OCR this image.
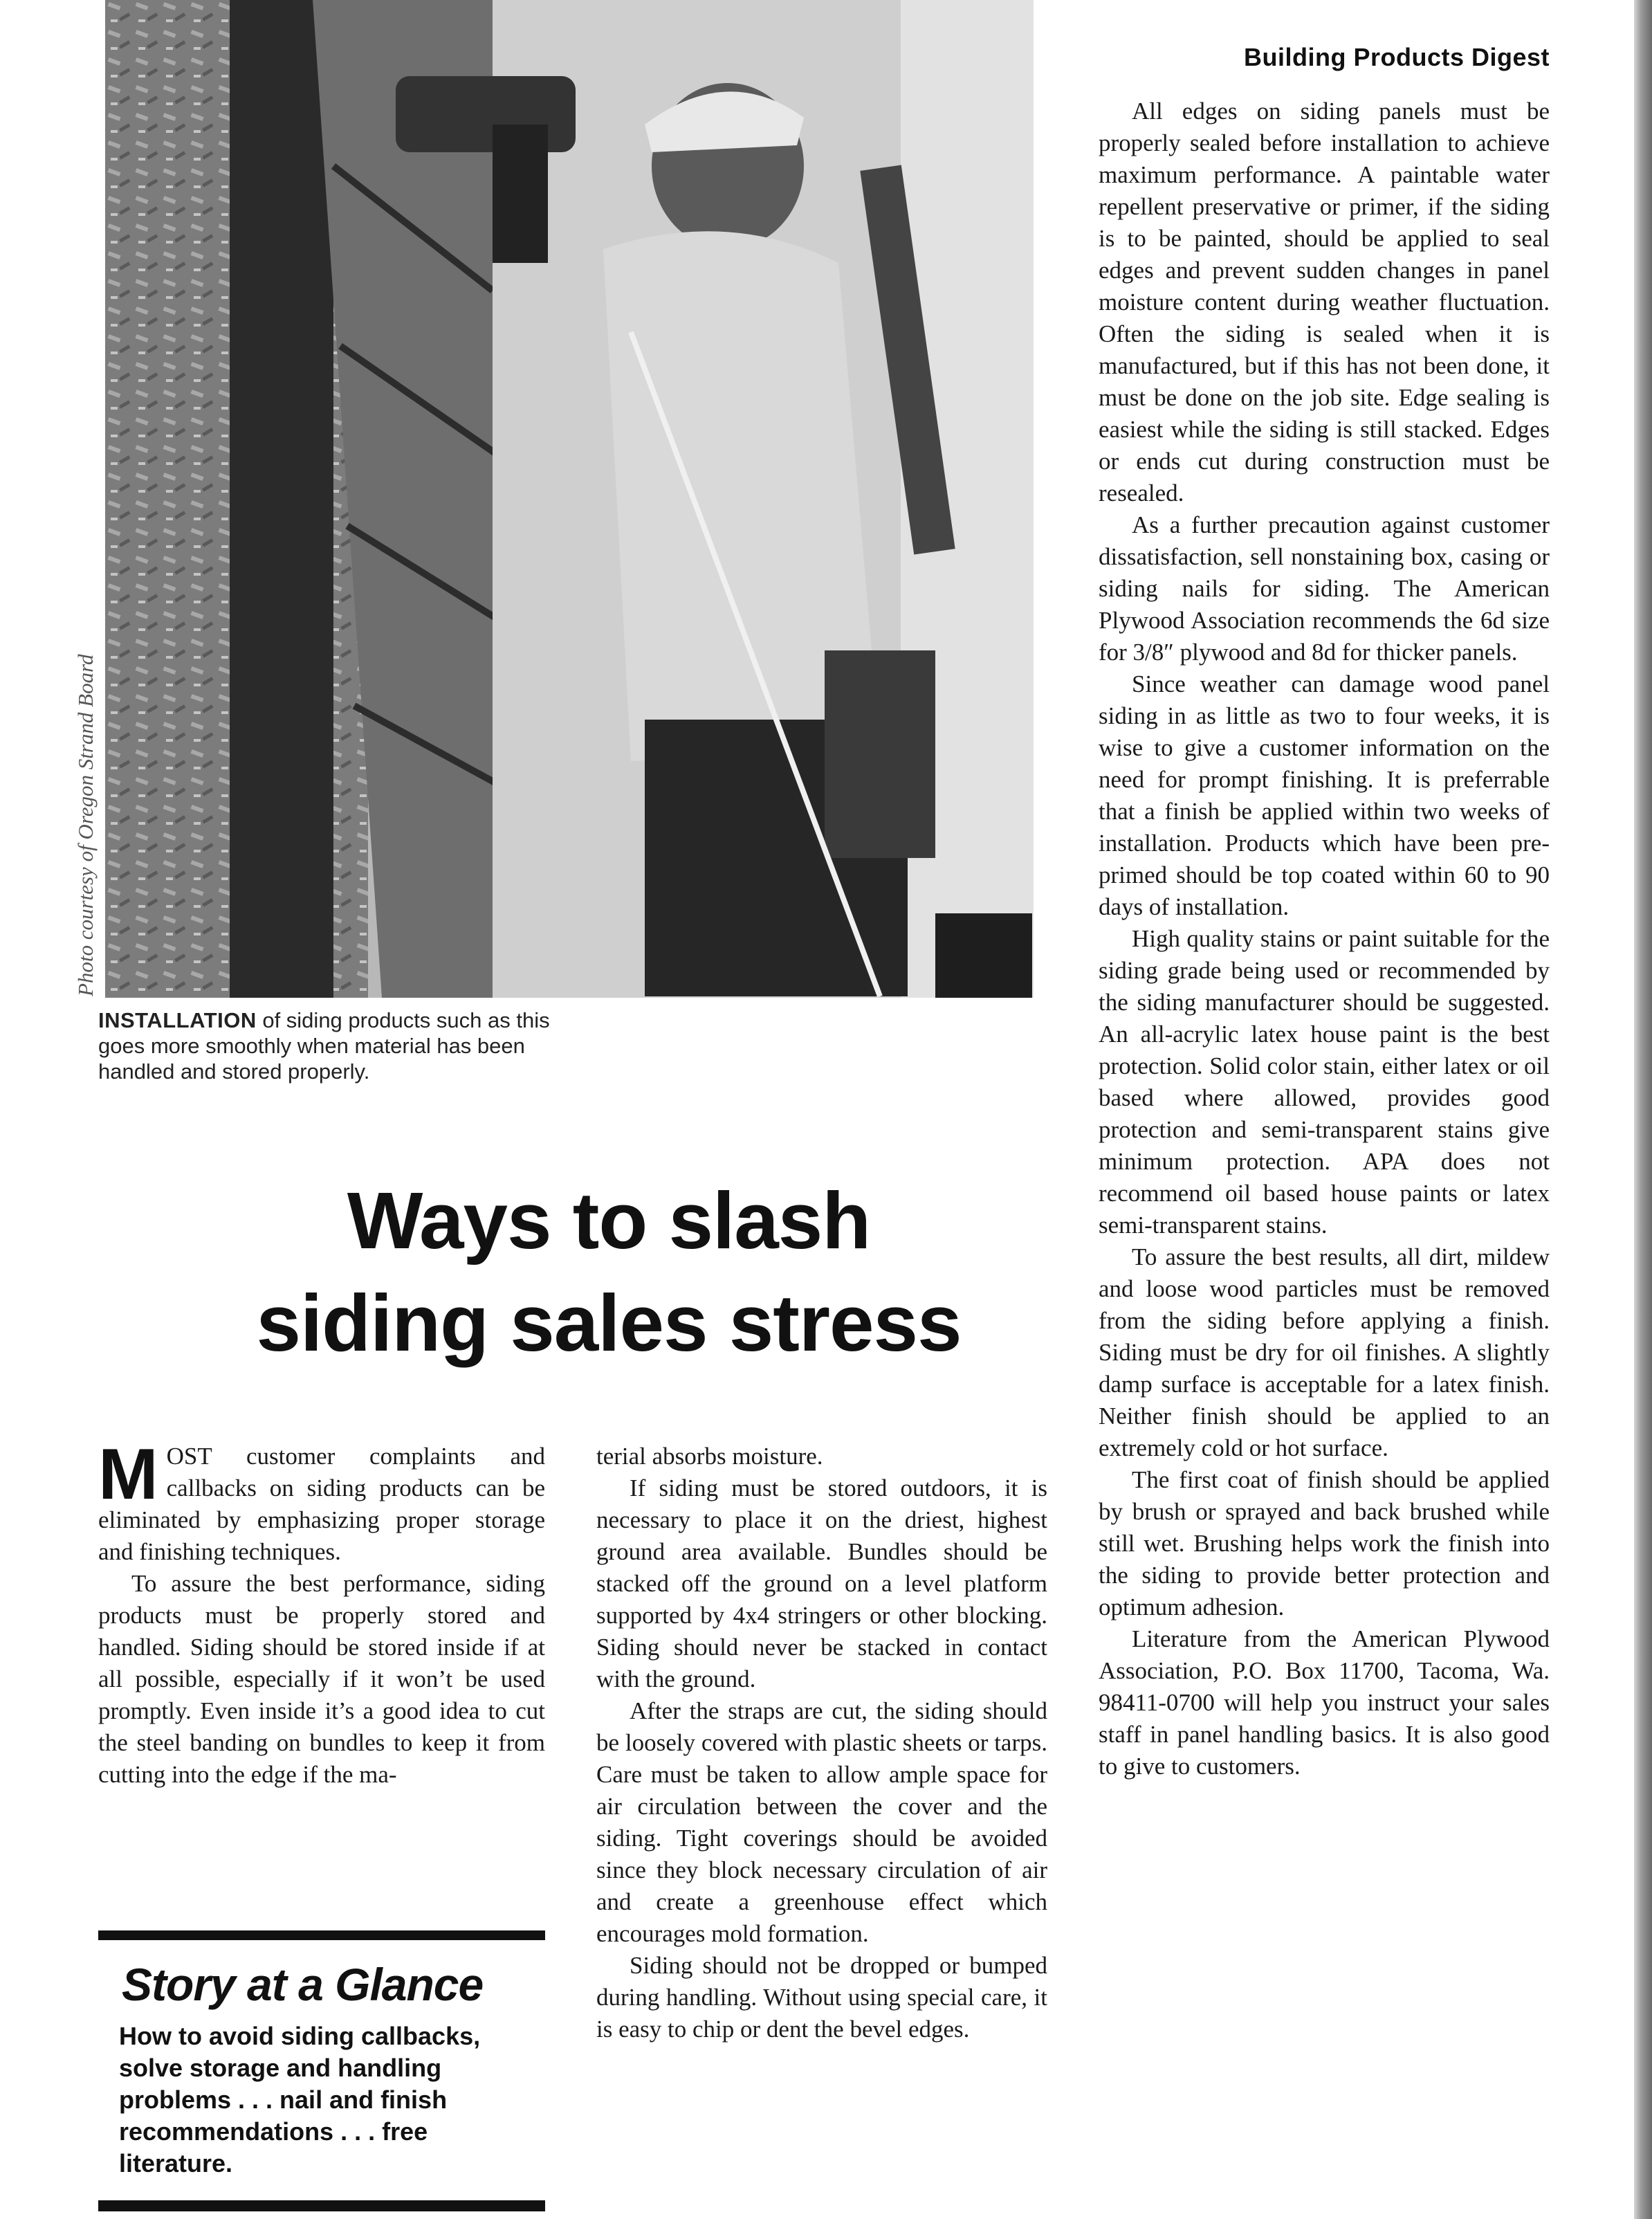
Building Products Digest
Photo courtesy of Oregon Strand Board
INSTALLATION of siding products such as this goes more smoothly when material has been handled and stored properly.
Ways to slash
siding sales stress

MOST customer complaints and callbacks on siding products can be eliminated by emphasizing proper storage and finishing techniques.

To assure the best performance, siding products must be properly stored and handled. Siding should be stored inside if at all possible, especially if it won’t be used promptly. Even inside it’s a good idea to cut the steel banding on bundles to keep it from cutting into the edge if the ma-

Story at a Glance
How to avoid siding callbacks, solve storage and handling problems . . . nail and finish recommendations . . . free literature.

terial absorbs moisture.

If siding must be stored outdoors, it is necessary to place it on the driest, highest ground area available. Bundles should be stacked off the ground on a level platform supported by 4x4 stringers or other blocking. Siding should never be stacked in contact with the ground.

After the straps are cut, the siding should be loosely covered with plastic sheets or tarps. Care must be taken to allow ample space for air circulation between the cover and the siding. Tight coverings should be avoided since they block necessary circulation of air and create a greenhouse effect which encourages mold formation.

Siding should not be dropped or bumped during handling. Without using special care, it is easy to chip or dent the bevel edges.

All edges on siding panels must be properly sealed before installation to achieve maximum performance. A paintable water repellent preservative or primer, if the siding is to be painted, should be applied to seal edges and prevent sudden changes in panel moisture content during weather fluctuation. Often the siding is sealed when it is manufactured, but if this has not been done, it must be done on the job site. Edge sealing is easiest while the siding is still stacked. Edges or ends cut during construction must be resealed.

As a further precaution against customer dissatisfaction, sell nonstaining box, casing or siding nails for siding. The American Plywood Association recommends the 6d size for 3/8″ plywood and 8d for thicker panels.

Since weather can damage wood panel siding in as little as two to four weeks, it is wise to give a customer information on the need for prompt finishing. It is preferrable that a finish be applied within two weeks of installation. Products which have been pre-primed should be top coated within 60 to 90 days of installation.

High quality stains or paint suitable for the siding grade being used or recommended by the siding manufacturer should be suggested. An all-acrylic latex house paint is the best protection. Solid color stain, either latex or oil based where allowed, provides good protection and semi-transparent stains give minimum protection. APA does not recommend oil based house paints or latex semi-transparent stains.

To assure the best results, all dirt, mildew and loose wood particles must be removed from the siding before applying a finish. Siding must be dry for oil finishes. A slightly damp surface is acceptable for a latex finish. Neither finish should be applied to an extremely cold or hot surface.

The first coat of finish should be applied by brush or sprayed and back brushed while still wet. Brushing helps work the finish into the siding to provide better protection and optimum adhesion.

Literature from the American Plywood Association, P.O. Box 11700, Tacoma, Wa. 98411-0700 will help you instruct your sales staff in panel handling basics. It is also good to give to customers.
